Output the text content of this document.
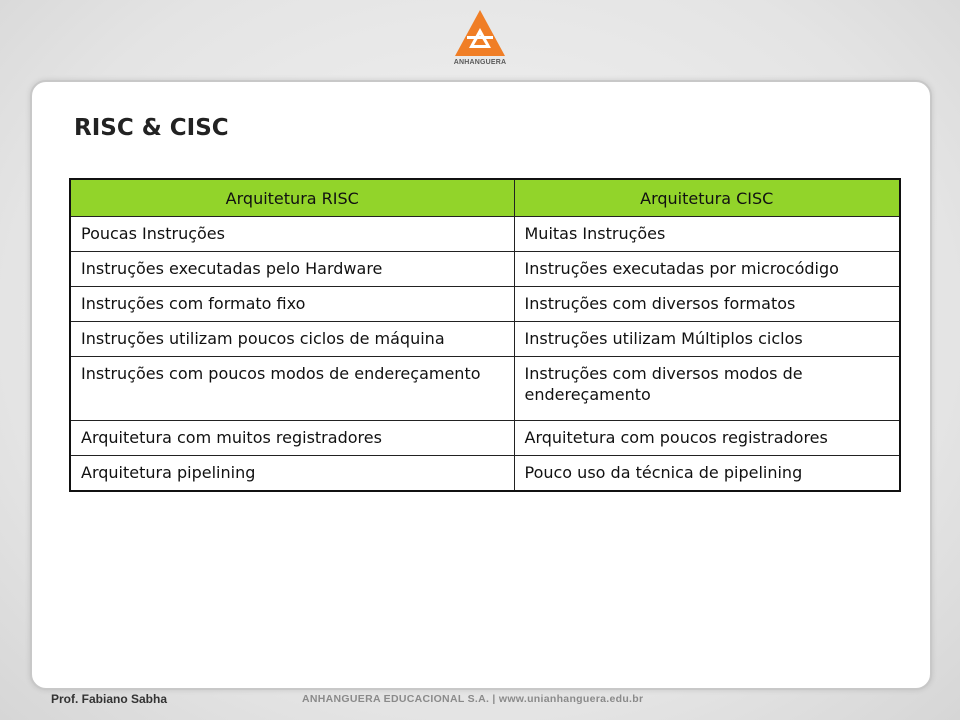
ANHANGUERA
RISC & CISC
Arquitetura RISC	Arquitetura CISC
Poucas Instruções	Muitas Instruções
Instruções executadas pelo Hardware	Instruções executadas por microcódigo
Instruções com formato fixo	Instruções com diversos formatos
Instruções utilizam poucos ciclos de máquina	Instruções utilizam Múltiplos ciclos
Instruções com poucos modos de endereçamento	Instruções com diversos modos de endereçamento
Arquitetura com muitos registradores	Arquitetura com poucos registradores
Arquitetura pipelining	Pouco uso da técnica de pipelining
Prof. Fabiano Sabha	ANHANGUERA EDUCACIONAL S.A. | www.unianhanguera.edu.br
